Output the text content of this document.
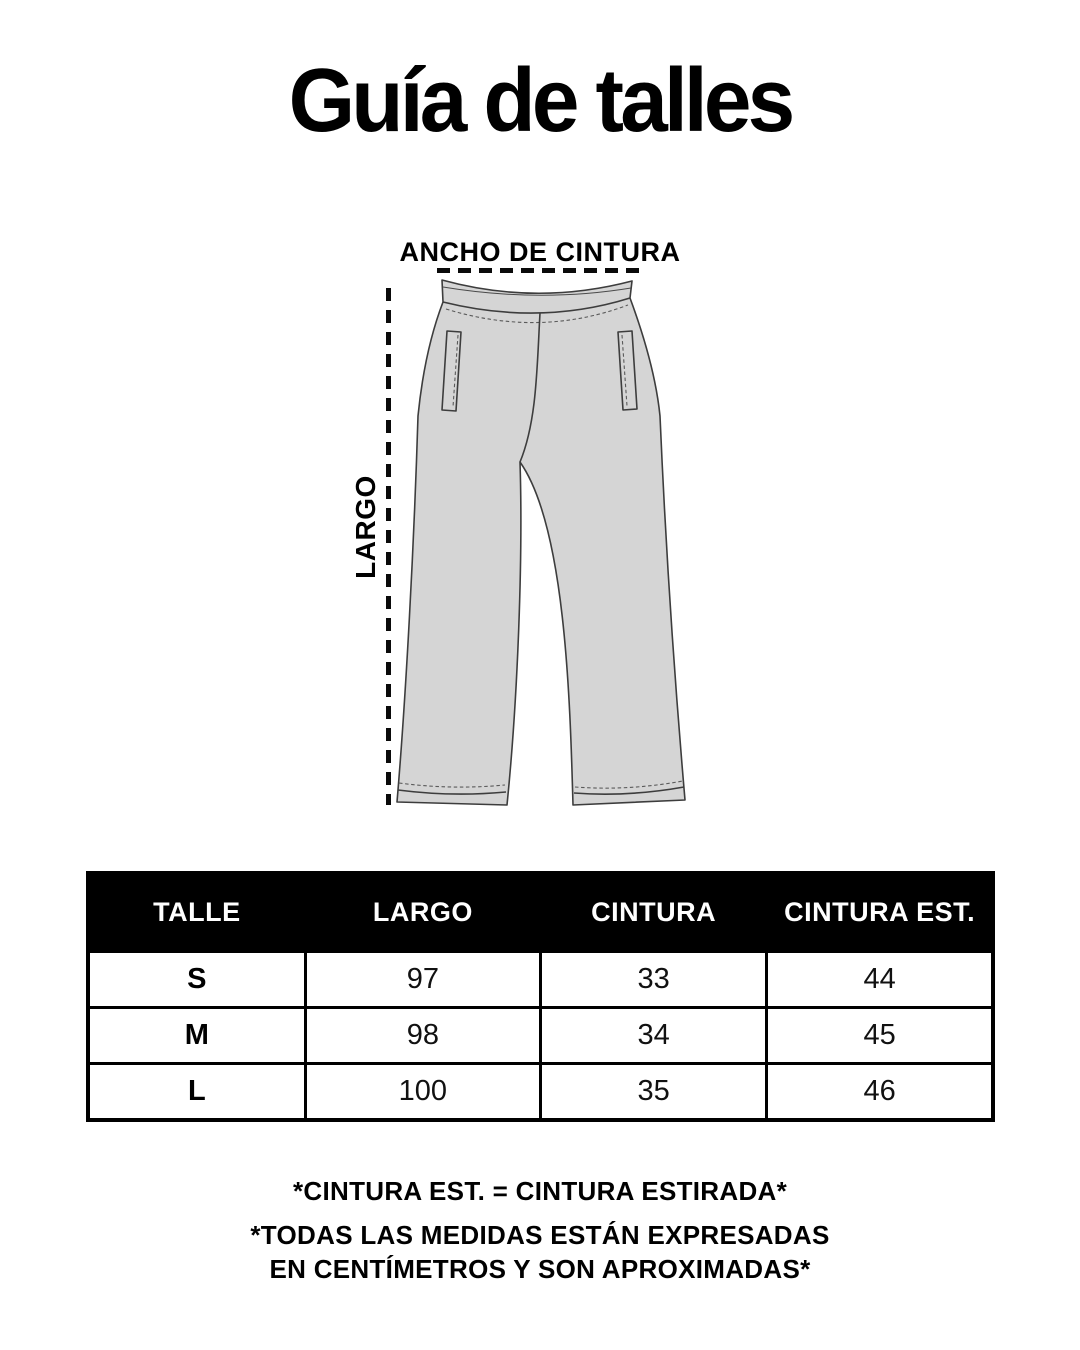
Guía de talles
ANCHO DE CINTURA
LARGO
TALLE	LARGO	CINTURA	CINTURA EST.
S	97	33	44
M	98	34	45
L	100	35	46
*CINTURA EST. = CINTURA ESTIRADA*
*TODAS LAS MEDIDAS ESTÁN EXPRESADAS
EN CENTÍMETROS Y SON APROXIMADAS*
